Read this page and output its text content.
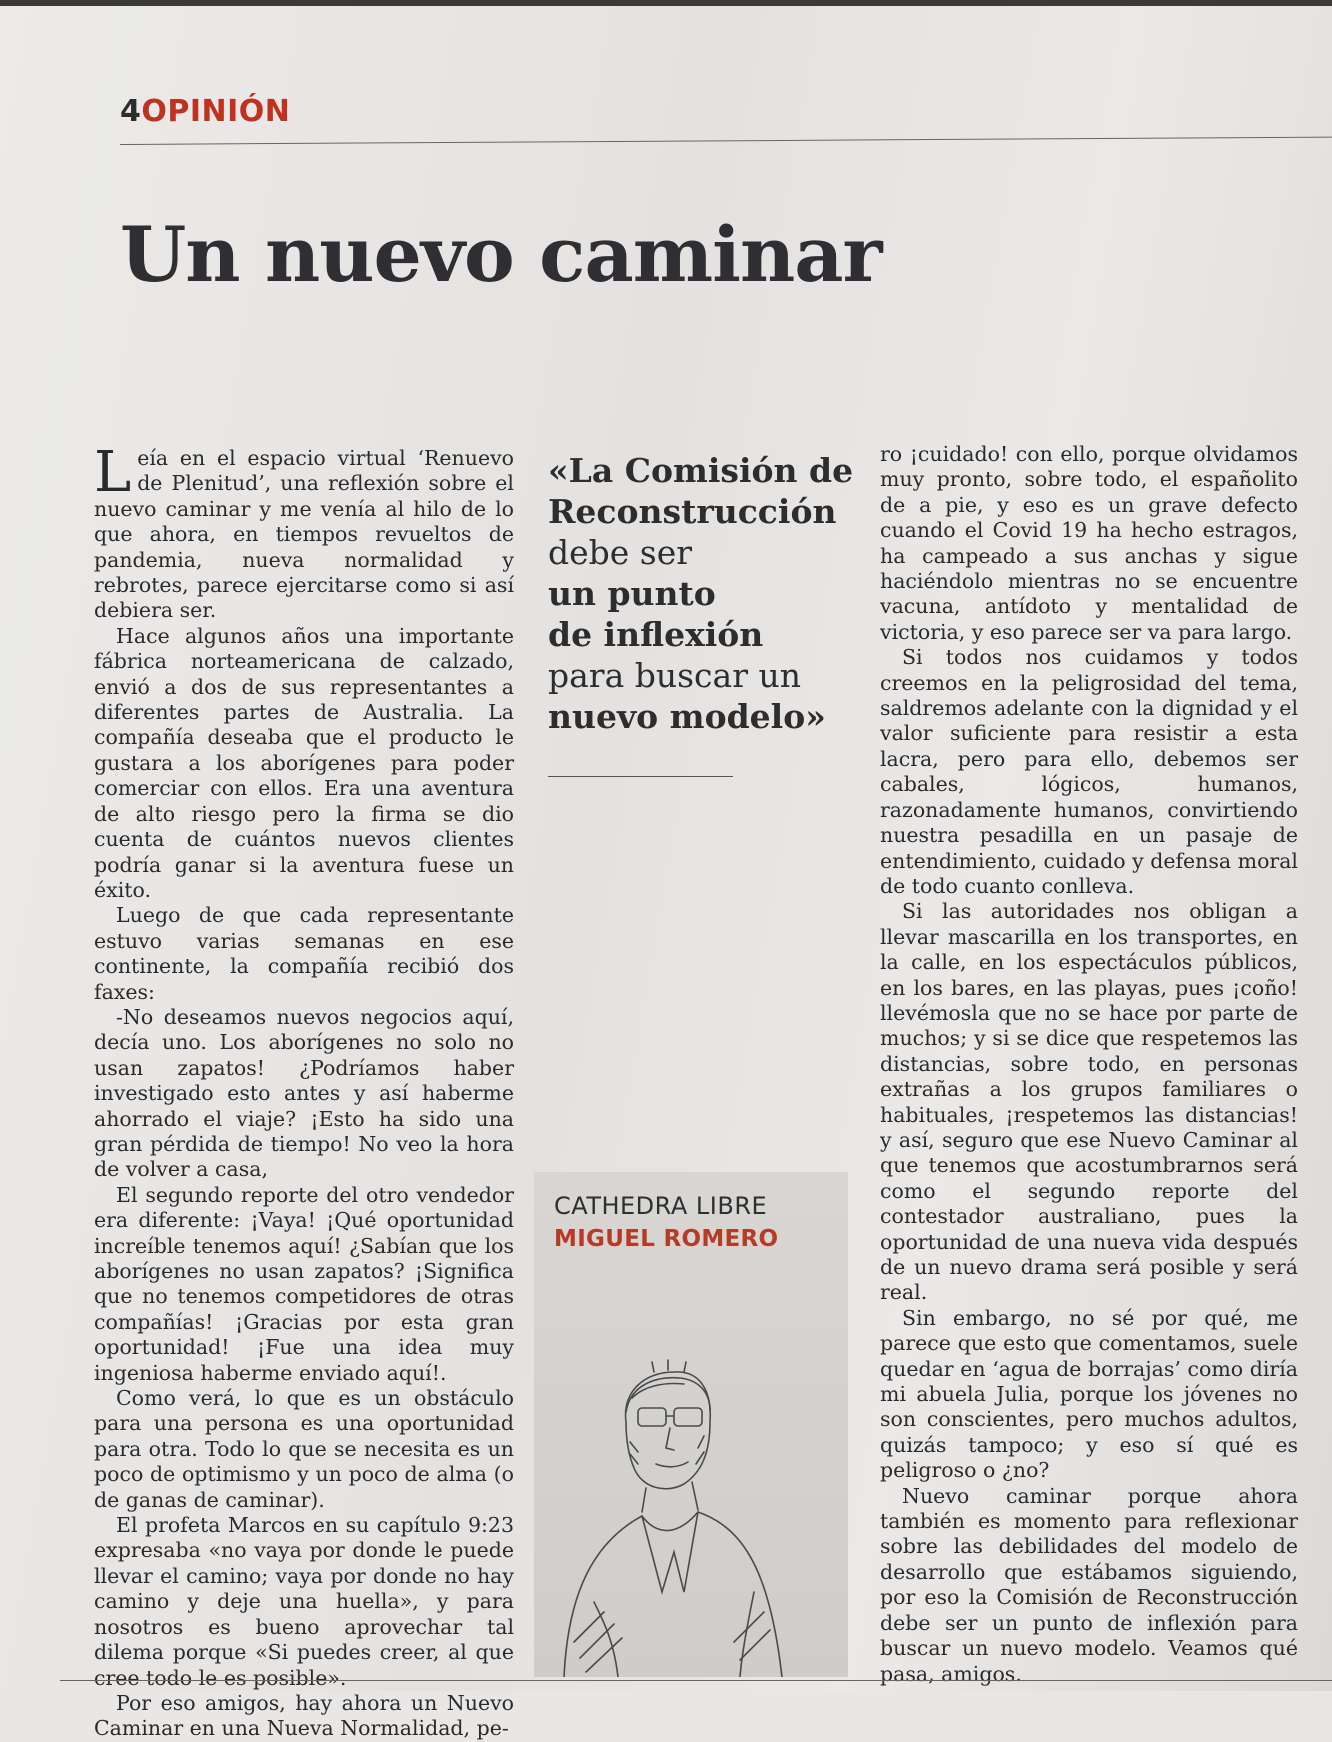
4OPINIÓN
Un nuevo caminar

Leía en el espacio virtual ‘Renuevo de Plenitud’, una reflexión sobre el nuevo caminar y me venía al hilo de lo que ahora, en tiempos revueltos de pandemia, nueva normalidad y rebrotes, parece ejercitarse como si así debiera ser.

Hace algunos años una importante fábrica norteamericana de calzado, envió a dos de sus representantes a diferentes partes de Australia. La compañía deseaba que el producto le gustara a los aborígenes para poder comerciar con ellos. Era una aventura de alto riesgo pero la firma se dio cuenta de cuántos nuevos clientes podría ganar si la aventura fuese un éxito.

Luego de que cada representante estuvo varias semanas en ese continente, la compañía recibió dos faxes:

-No deseamos nuevos negocios aquí, decía uno. Los aborígenes no solo no usan zapatos! ¿Podríamos haber investigado esto antes y así haberme ahorrado el viaje? ¡Esto ha sido una gran pérdida de tiempo! No veo la hora de volver a casa,

El segundo reporte del otro vendedor era diferente: ¡Vaya! ¡Qué oportunidad increíble tenemos aquí! ¿Sabían que los aborígenes no usan zapatos? ¡Significa que no tenemos competidores de otras compañías! ¡Gracias por esta gran oportunidad! ¡Fue una idea muy ingeniosa haberme enviado aquí!.

Como verá, lo que es un obstáculo para una persona es una oportunidad para otra. Todo lo que se necesita es un poco de optimismo y un poco de alma (o de ganas de caminar).

El profeta Marcos en su capítulo 9:23 expresaba «no vaya por donde le puede llevar el camino; vaya por donde no hay camino y deje una huella», y para nosotros es bueno aprovechar tal dilema porque «Si puedes creer, al que cree todo le es posible».

Por eso amigos, hay ahora un Nuevo Caminar en una Nueva Normalidad, pe-

«La Comisión de
Reconstrucción
debe ser
un punto
de inflexión
para buscar un
nuevo modelo»
CATHEDRA LIBRE
MIGUEL ROMERO

ro ¡cuidado! con ello, porque olvidamos muy pronto, sobre todo, el españolito de a pie, y eso es un grave defecto cuando el Covid 19 ha hecho estragos, ha campeado a sus anchas y sigue haciéndolo mientras no se encuentre vacuna, antídoto y mentalidad de victoria, y eso parece ser va para largo.

Si todos nos cuidamos y todos creemos en la peligrosidad del tema, saldremos adelante con la dignidad y el valor suficiente para resistir a esta lacra, pero para ello, debemos ser cabales, lógicos, humanos, razonadamente humanos, convirtiendo nuestra pesadilla en un pasaje de entendimiento, cuidado y defensa moral de todo cuanto conlleva.

Si las autoridades nos obligan a llevar mascarilla en los transportes, en la calle, en los espectáculos públicos, en los bares, en las playas, pues ¡coño! llevémosla que no se hace por parte de muchos; y si se dice que respetemos las distancias, sobre todo, en personas extrañas a los grupos familiares o habituales, ¡respetemos las distancias! y así, seguro que ese Nuevo Caminar al que tenemos que acostumbrarnos será como el segundo reporte del contestador australiano, pues la oportunidad de una nueva vida después de un nuevo drama será posible y será real.

Sin embargo, no sé por qué, me parece que esto que comentamos, suele quedar en ‘agua de borrajas’ como diría mi abuela Julia, porque los jóvenes no son conscientes, pero muchos adultos, quizás tampoco; y eso sí qué es peligroso o ¿no?

Nuevo caminar porque ahora también es momento para reflexionar sobre las debilidades del modelo de desarrollo que estábamos siguiendo, por eso la Comisión de Reconstrucción debe ser un punto de inflexión para buscar un nuevo modelo. Veamos qué pasa, amigos.
